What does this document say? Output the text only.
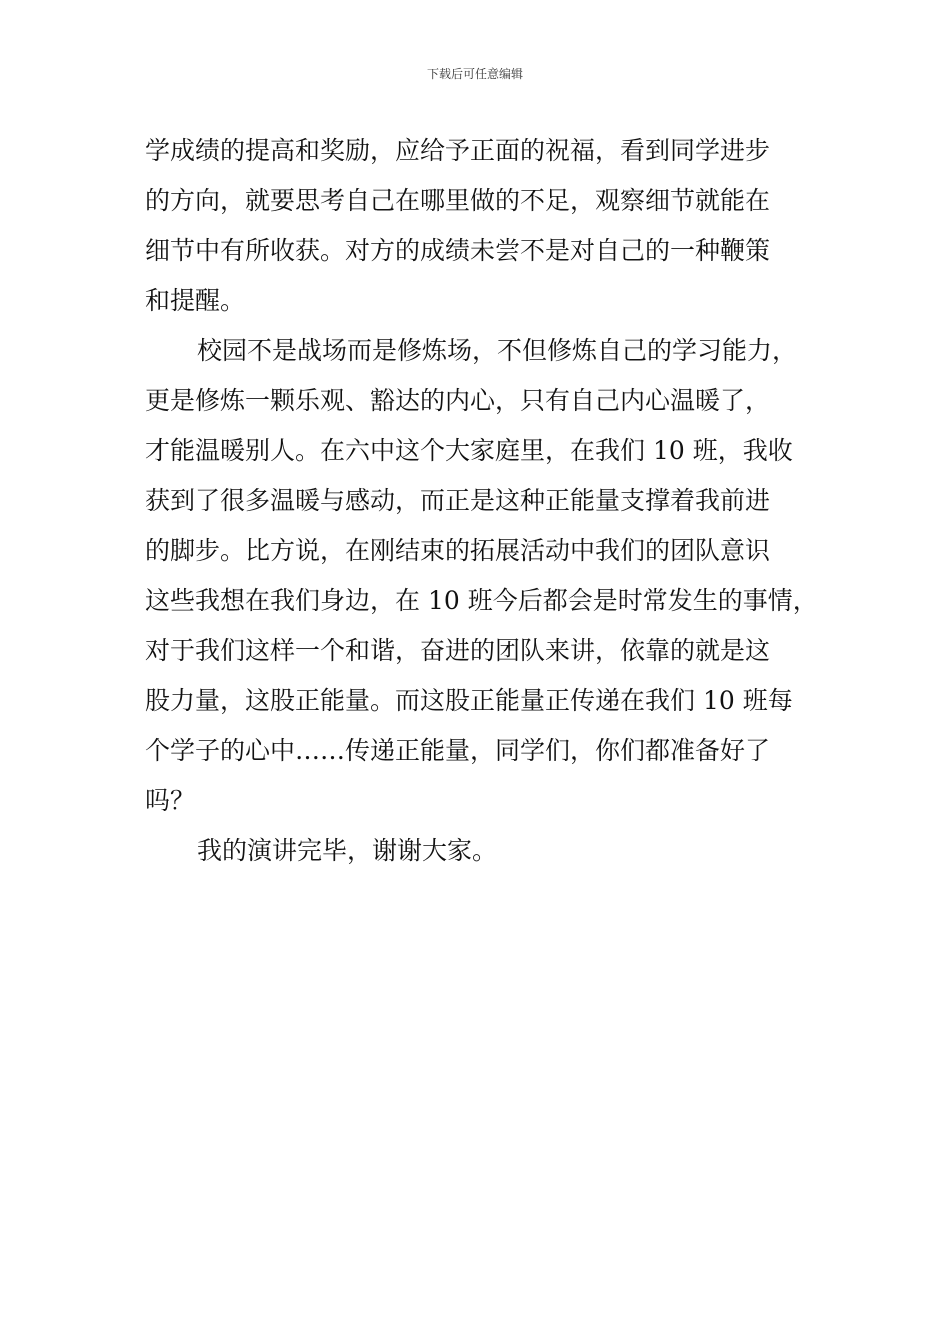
下载后可任意编辑
学成绩的提高和奖励，应给予正面的祝福，看到同学进步
的方向，就要思考自己在哪里做的不足，观察细节就能在
细节中有所收获。对方的成绩未尝不是对自己的一种鞭策
和提醒。
校园不是战场而是修炼场，不但修炼自己的学习能力，
更是修炼一颗乐观、豁达的内心，只有自己内心温暖了，
才能温暖别人。在六中这个大家庭里，在我们 10 班，我收
获到了很多温暖与感动，而正是这种正能量支撑着我前进
的脚步。比方说，在刚结束的拓展活动中我们的团队意识
这些我想在我们身边，在 10 班今后都会是时常发生的事情，
对于我们这样一个和谐，奋进的团队来讲，依靠的就是这
股力量，这股正能量。而这股正能量正传递在我们 10 班每
个学子的心中……传递正能量，同学们，你们都准备好了
吗？
我的演讲完毕，谢谢大家。
